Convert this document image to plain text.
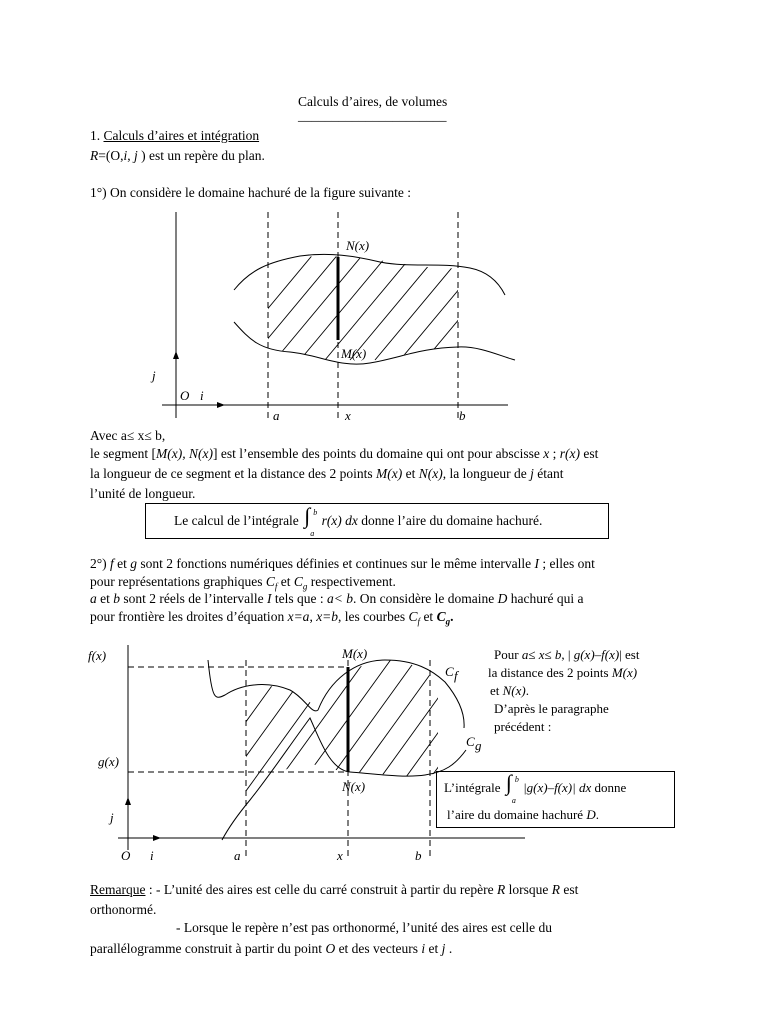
Calculs d’aires, de volumes
______________________
1. Calculs d’aires et intégration
R=(O,i, j ) est un repère du plan.
1°) On considère le domaine hachuré de la figure suivante :
N(x)
M(x)
j
O i
a	x	b
f(x)
g(x)
M(x)
N(x)
C f
C g
j
O i	a	x	b
Avec a≤ x≤ b,
le segment [M(x), N(x)] est l’ensemble des points du domaine qui ont pour abscisse x ; r(x) est
la longueur de ce segment et la distance des 2 points M(x) et N(x), la longueur de j étant
l’unité de longueur.
Le calcul de l’intégrale ∫ b
a
r(x) dx donne l’aire du domaine hachuré.
2°) f et g sont 2 fonctions numériques définies et continues sur le même intervalle I ; elles ont
pour représentations graphiques $C_f$ et $C_g$ respectivement.
a et b sont 2 réels de l’intervalle I tels que : a< b. On considère le domaine D hachuré qui a
pour frontière les droites d’équation x=a, x=b, les courbes $C_f$ et $C_g$.
Pour a≤ x≤ b, | g(x)–f(x)| est
la distance des 2 points M(x)
et N(x).
D’après le paragraphe
précédent :
L’intégrale ∫ b
a
|g(x)–f(x)| dx donne
l’aire du domaine hachuré D.
Remarque : - L’unité des aires est celle du carré construit à partir du repère R lorsque R est
orthonormé.
- Lorsque le repère n’est pas orthonormé, l’unité des aires est celle du
parallélogramme construit à partir du point O et des vecteurs i et j .
